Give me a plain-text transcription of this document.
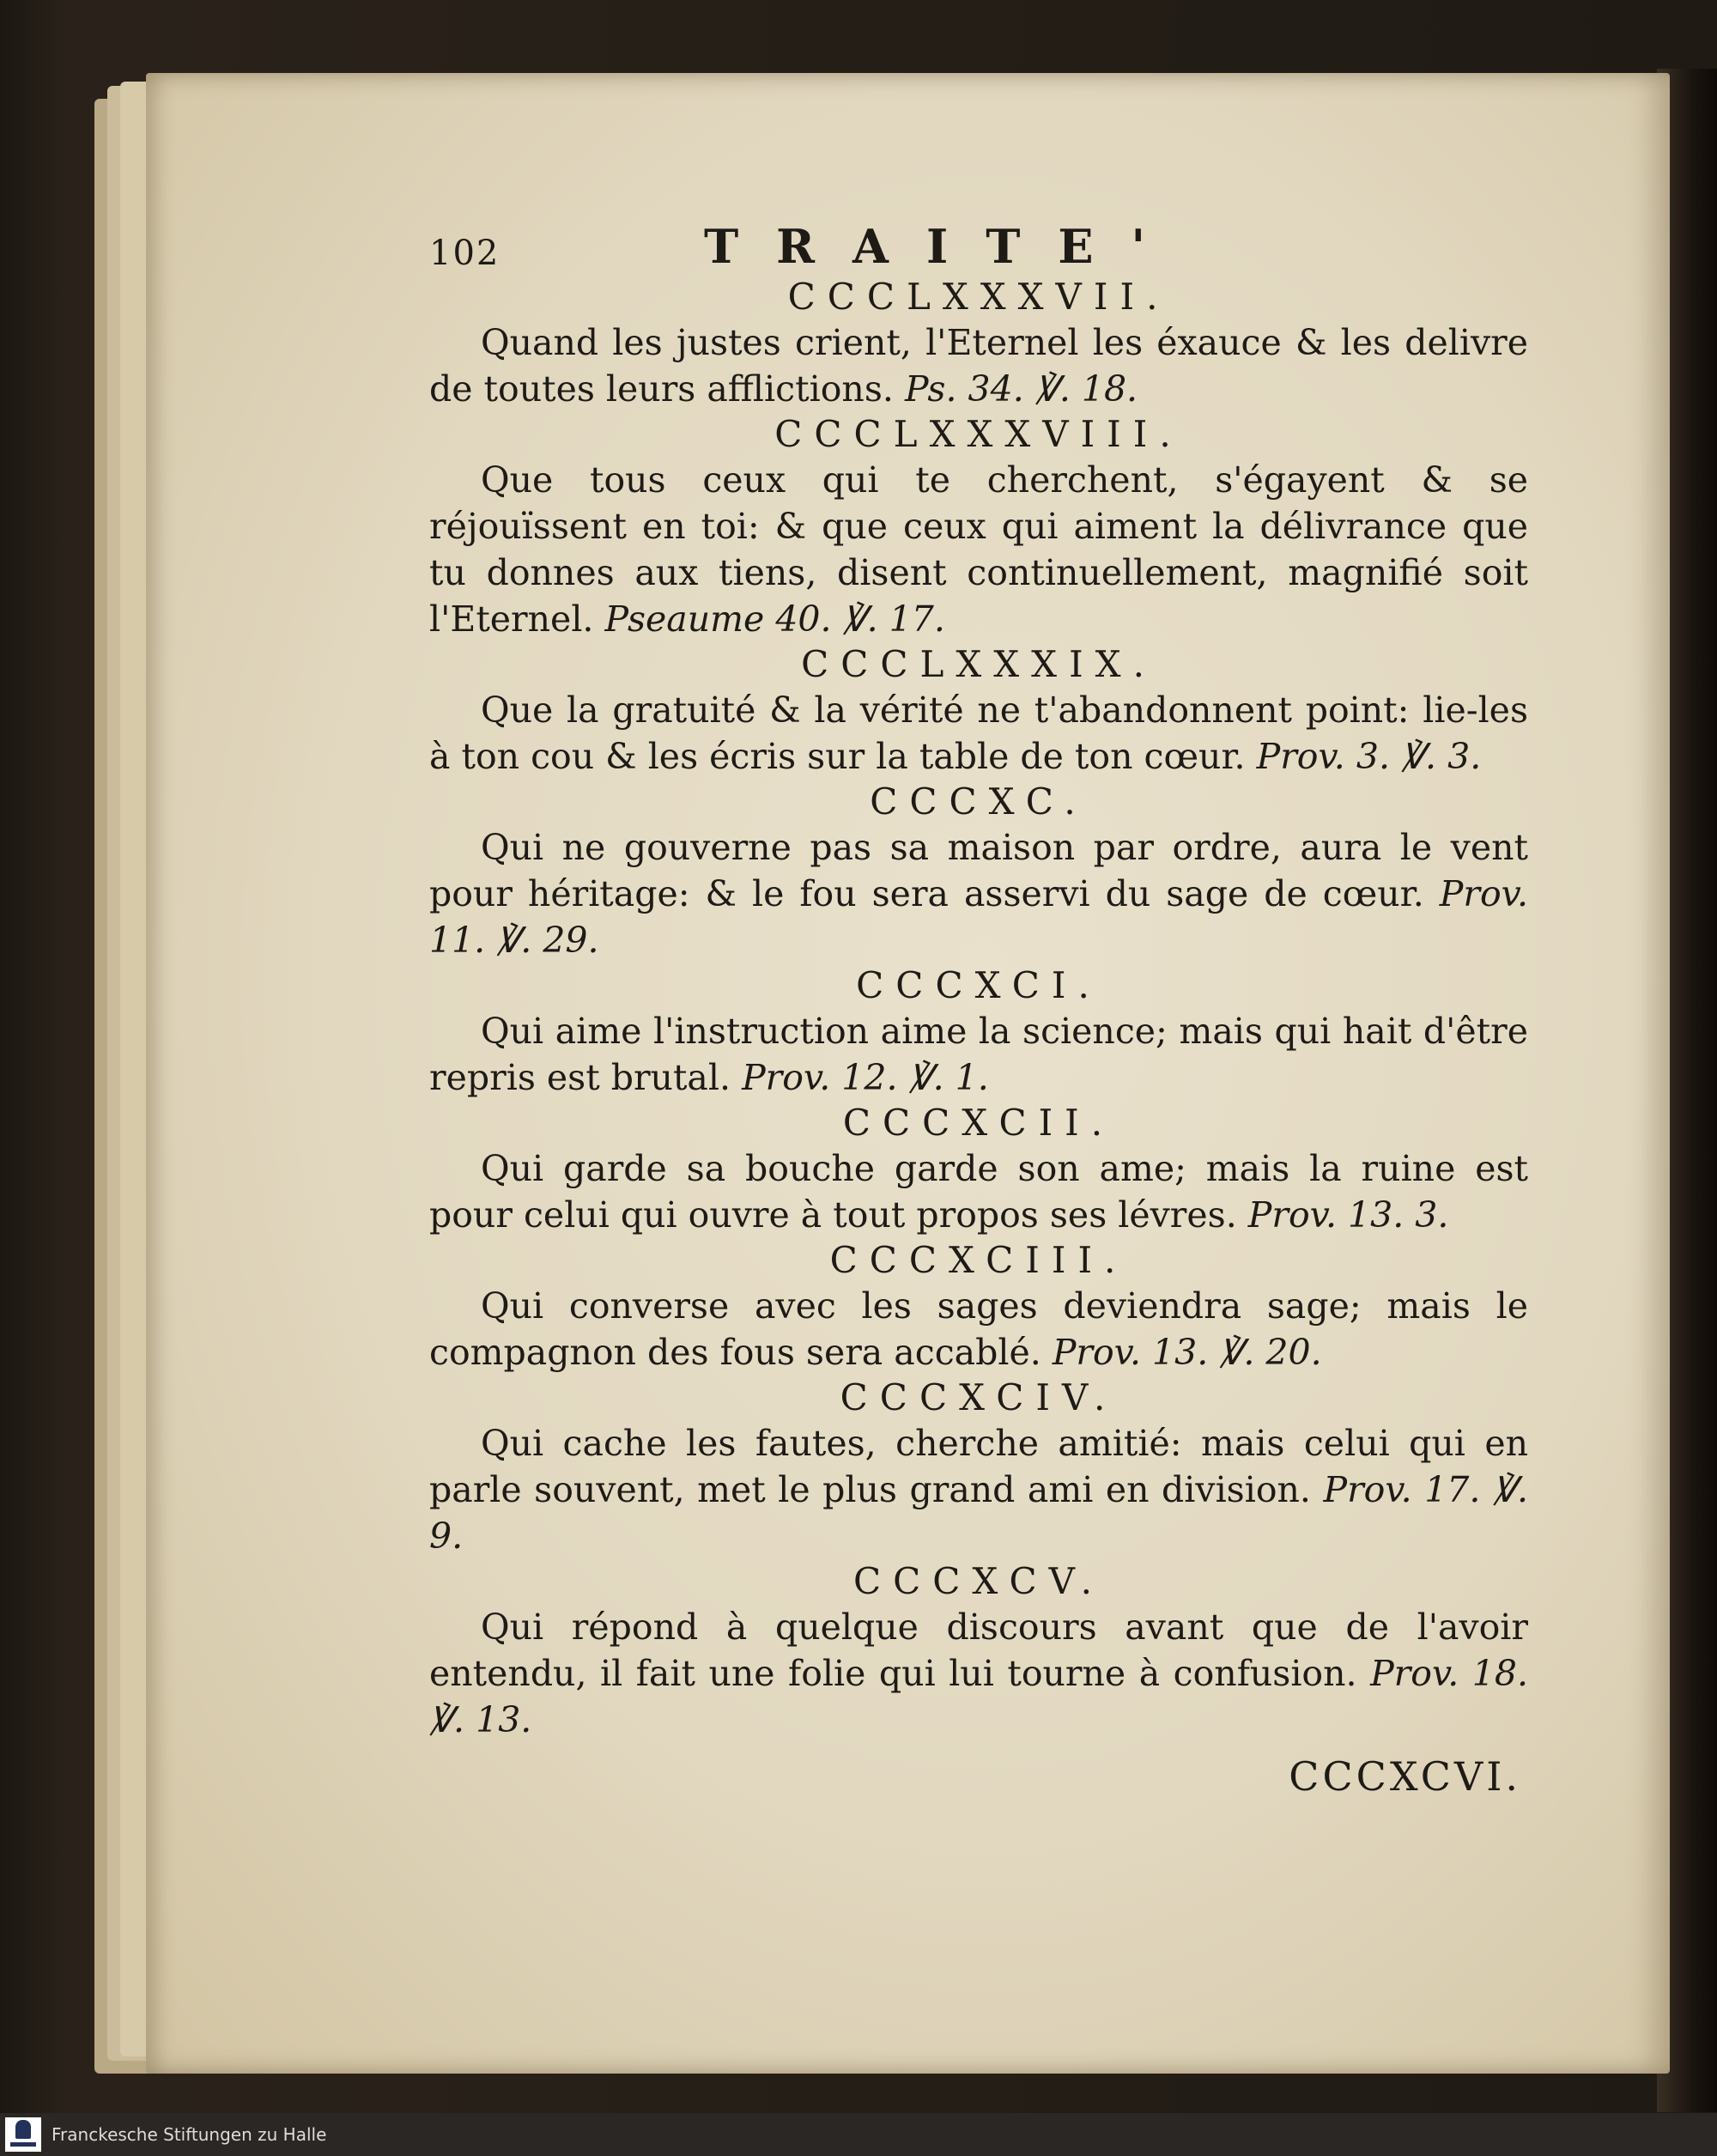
102	TRAITE'

CCCLXXXVII.

Quand les justes crient, l'Eternel les éxauce & les delivre de toutes leurs afflictions. Ps. 34. ℣. 18.

CCCLXXXVIII.

Que tous ceux qui te cherchent, s'égayent & se réjouïssent en toi: & que ceux qui aiment la délivrance que tu donnes aux tiens, disent continuellement, magnifié soit l'Eternel. Pseaume 40. ℣. 17.

CCCLXXXIX.

Que la gratuité & la vérité ne t'abandonnent point: lie-les à ton cou & les écris sur la table de ton cœur. Prov. 3. ℣. 3.

CCCXC.

Qui ne gouverne pas sa maison par ordre, aura le vent pour héritage: & le fou sera asservi du sage de cœur. Prov. 11. ℣. 29.

CCCXCI.

Qui aime l'instruction aime la science; mais qui hait d'être repris est brutal. Prov. 12. ℣. 1.

CCCXCII.

Qui garde sa bouche garde son ame; mais la ruine est pour celui qui ouvre à tout propos ses lévres. Prov. 13. 3.

CCCXCIII.

Qui converse avec les sages deviendra sage; mais le compagnon des fous sera accablé. Prov. 13. ℣. 20.

CCCXCIV.

Qui cache les fautes, cherche amitié: mais celui qui en parle souvent, met le plus grand ami en division. Prov. 17. ℣. 9.

CCCXCV.

Qui répond à quelque discours avant que de l'avoir entendu, il fait une folie qui lui tourne à confusion. Prov. 18. ℣. 13.

CCCXCVI.
Franckesche Stiftungen zu Halle
